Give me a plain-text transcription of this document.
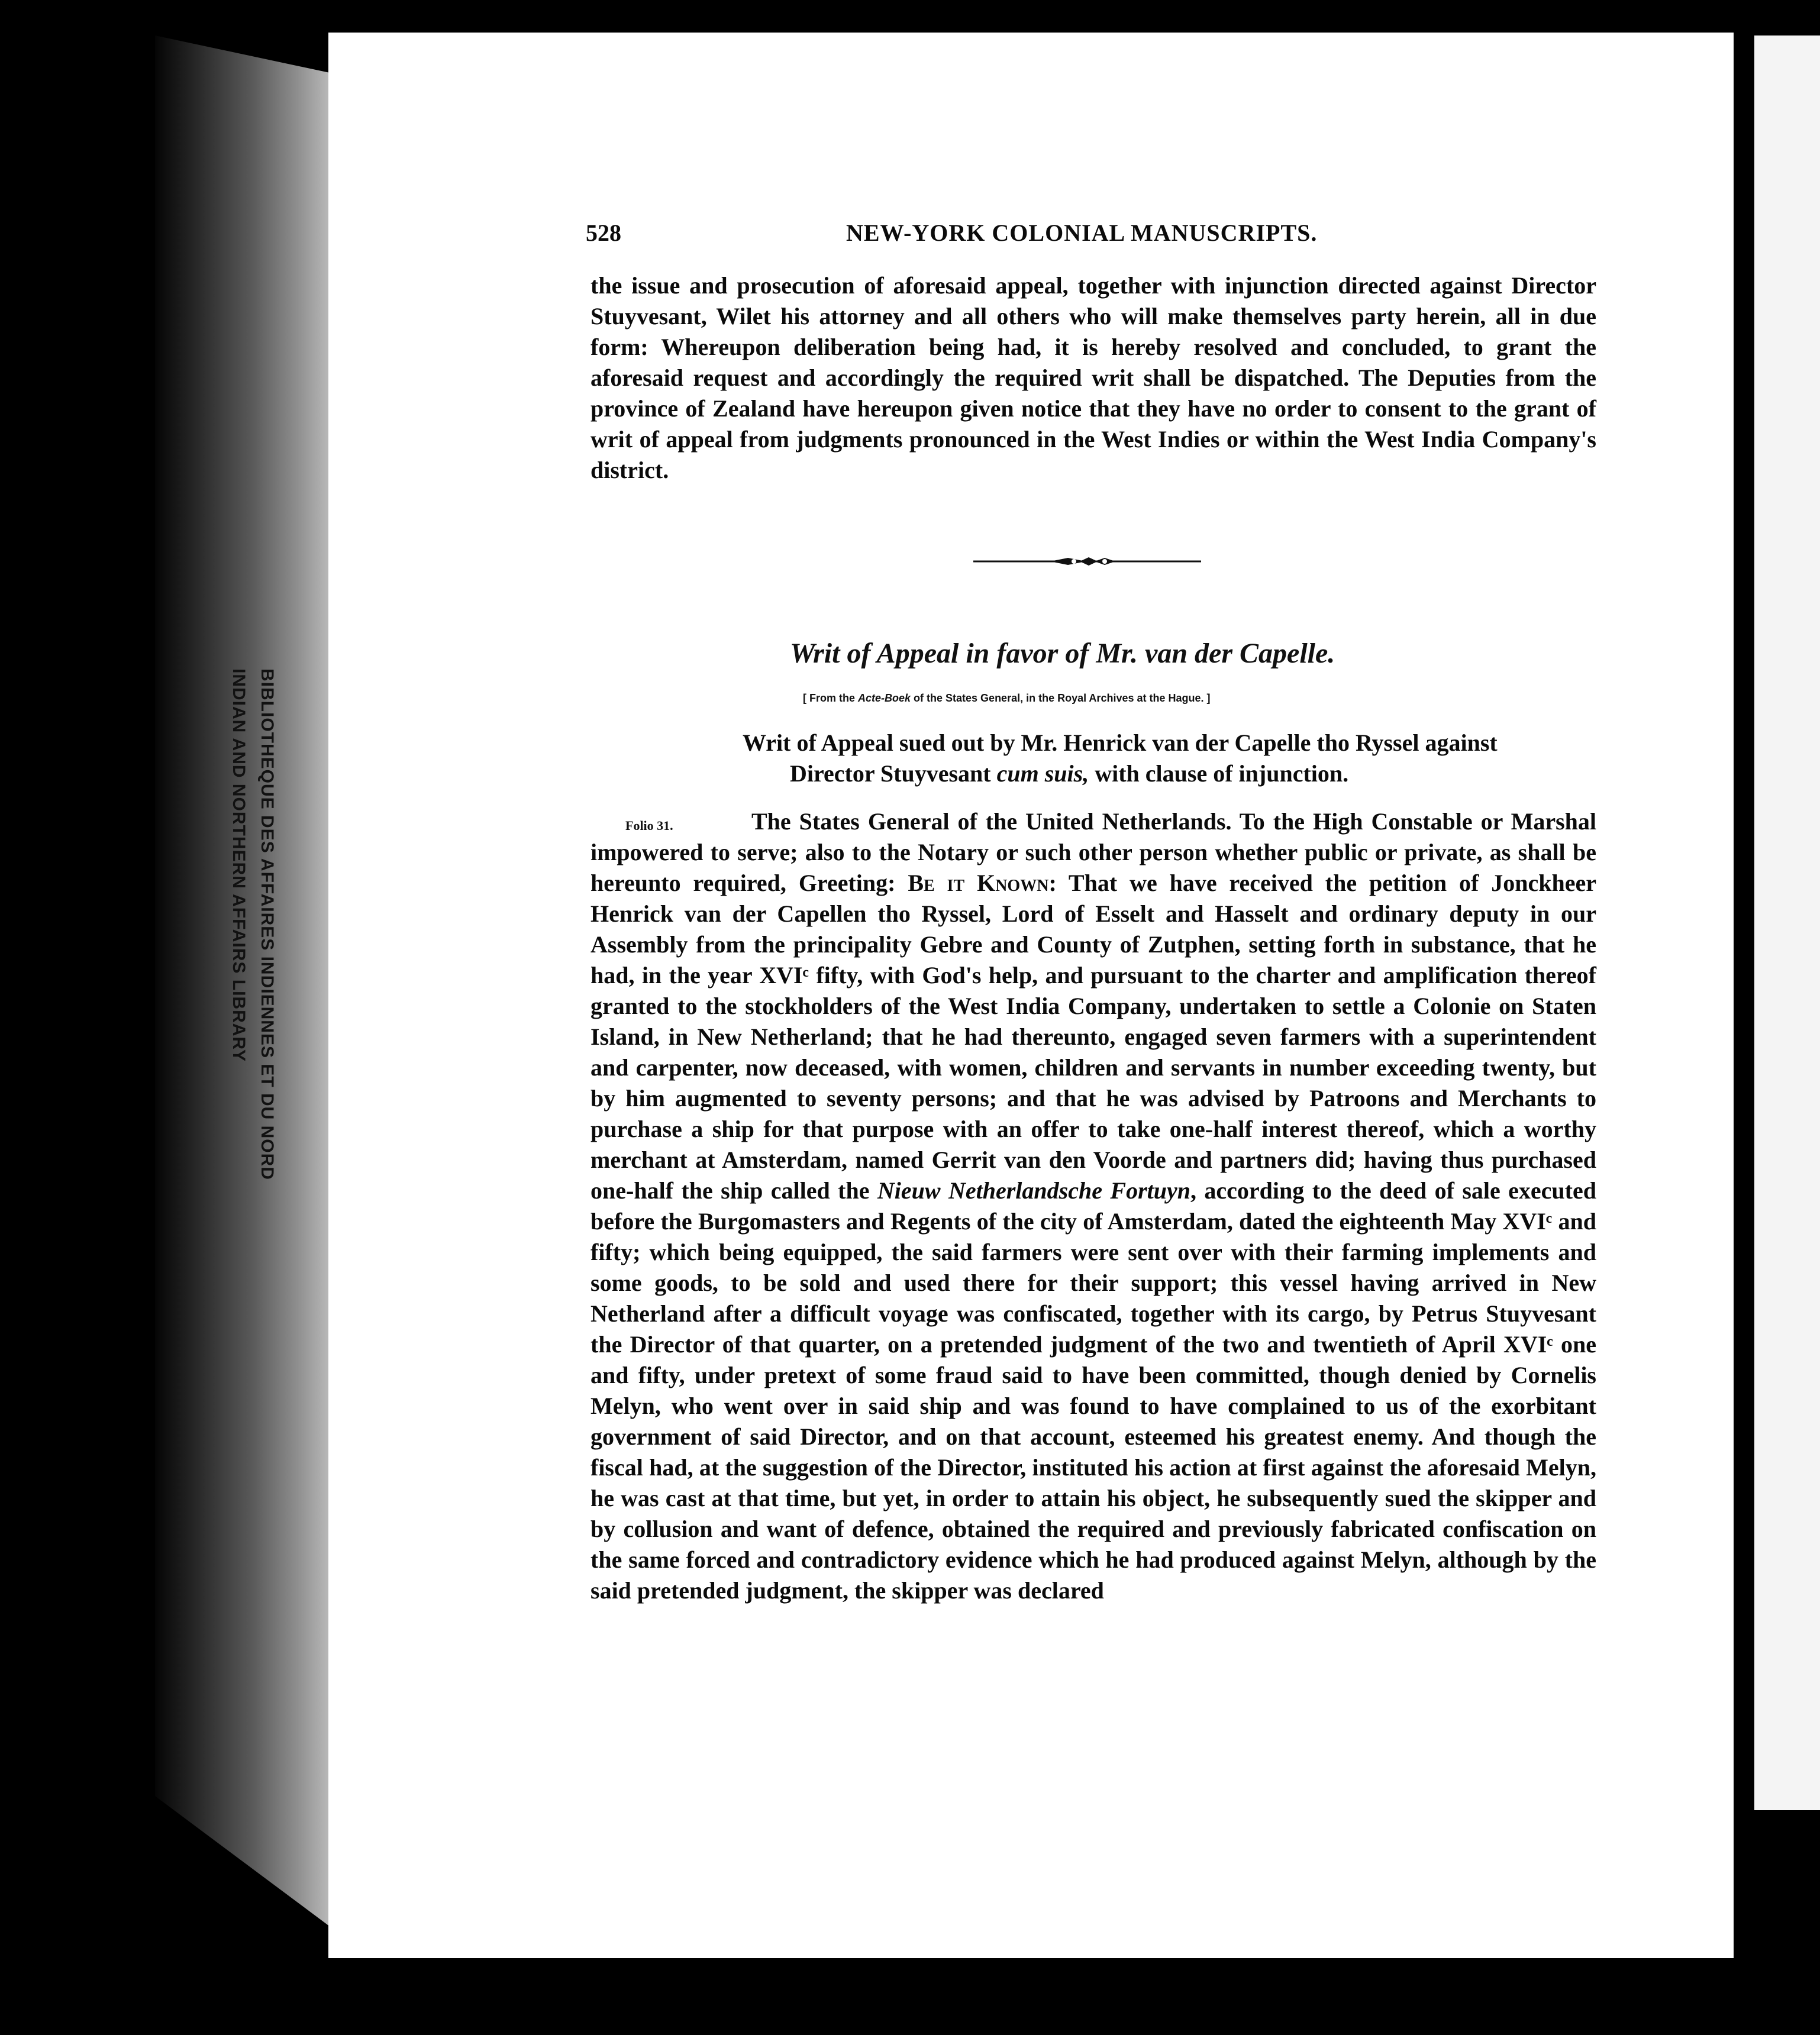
BIBLIOTHEQUE DES AFFAIRES INDIENNES ET DU NORD
INDIAN AND NORTHERN AFFAIRS LIBRARY
528	NEW-YORK COLONIAL MANUSCRIPTS.

the issue and prosecution of aforesaid appeal, together with injunction directed against Director Stuyvesant, Wilet his attorney and all others who will make themselves party herein, all in due form: Whereupon deliberation being had, it is hereby resolved and concluded, to grant the aforesaid request and accordingly the required writ shall be dispatched. The Deputies from the province of Zealand have hereupon given notice that they have no order to consent to the grant of writ of appeal from judgments pronounced in the West Indies or within the West India Company's district.

Writ of Appeal in favor of Mr. van der Capelle.
[ From the Acte-Boek of the States General, in the Royal Archives at the Hague. ]
Writ of Appeal sued out by Mr. Henrick van der Capelle tho Ryssel against
Director Stuyvesant cum suis, with clause of injunction.
Folio 31.	The States General of the United Netherlands. To the High Constable or Marshal impowered to serve; also to the Notary or such other person whether public or private, as shall be hereunto required, Greeting: Be it Known: That we have received the petition of Jonckheer Henrick van der Capellen tho Ryssel, Lord of Esselt and Hasselt and ordinary deputy in our Assembly from the principality Gebre and County of Zutphen, setting forth in substance, that he had, in the year XVIᶜ fifty, with God's help, and pursuant to the charter and amplification thereof granted to the stockholders of the West India Company, undertaken to settle a Colonie on Staten Island, in New Netherland; that he had thereunto, engaged seven farmers with a superintendent and carpenter, now deceased, with women, children and servants in number exceeding twenty, but by him augmented to seventy persons; and that he was advised by Patroons and Merchants to purchase a ship for that purpose with an offer to take one-half interest thereof, which a worthy merchant at Amsterdam, named Gerrit van den Voorde and partners did; having thus purchased one-half the ship called the Nieuw Netherlandsche Fortuyn, according to the deed of sale executed before the Burgomasters and Regents of the city of Amsterdam, dated the eighteenth May XVIᶜ and fifty; which being equipped, the said farmers were sent over with their farming implements and some goods, to be sold and used there for their support; this vessel having arrived in New Netherland after a difficult voyage was confiscated, together with its cargo, by Petrus Stuyvesant the Director of that quarter, on a pretended judgment of the two and twentieth of April XVIᶜ one and fifty, under pretext of some fraud said to have been committed, though denied by Cornelis Melyn, who went over in said ship and was found to have complained to us of the exorbitant government of said Director, and on that account, esteemed his greatest enemy. And though the fiscal had, at the suggestion of the Director, instituted his action at first against the aforesaid Melyn, he was cast at that time, but yet, in order to attain his object, he subsequently sued the skipper and by collusion and want of defence, obtained the required and previously fabricated confiscation on the same forced and contradictory evidence which he had produced against Melyn, although by the said pretended judgment, the skipper was declared
